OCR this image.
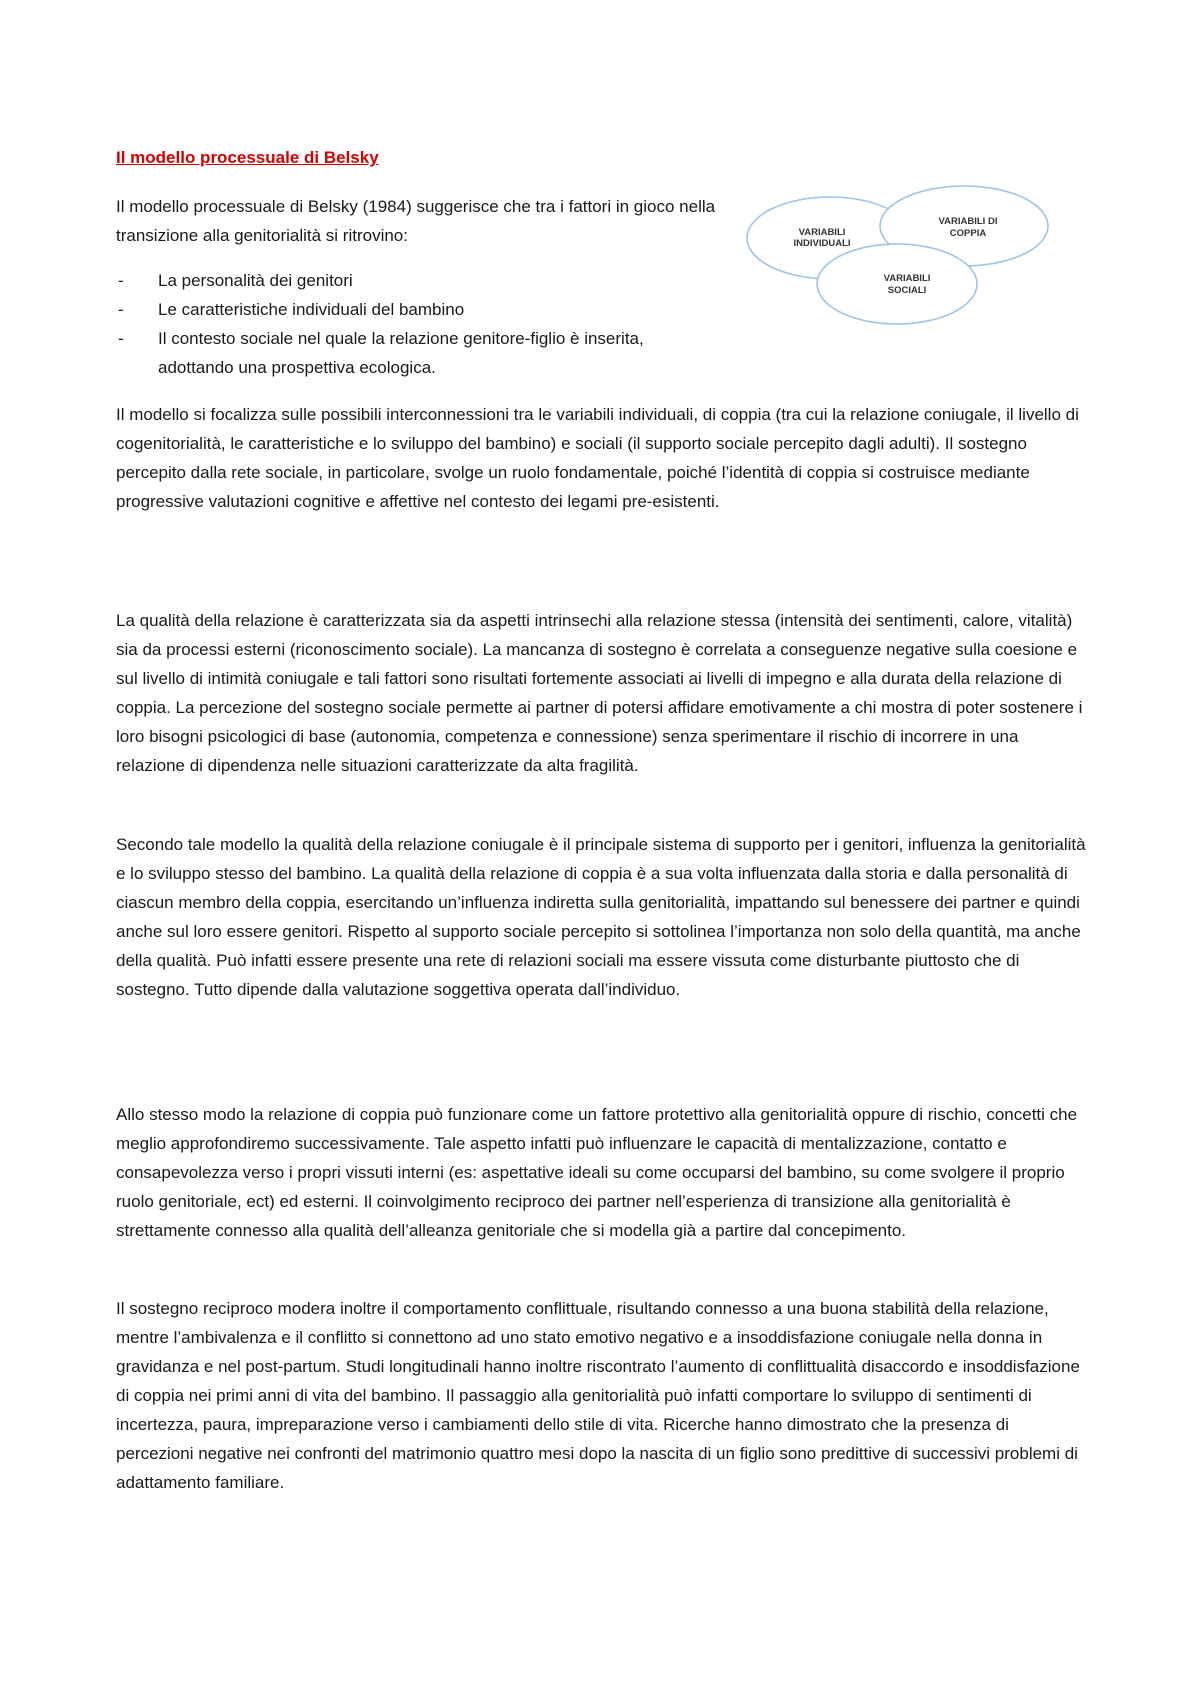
Il modello processuale di Belsky

Il modello processuale di Belsky (1984) suggerisce che tra i fattori in gioco nella transizione alla genitorialità si ritrovino:

- La personalità dei genitori
- Le caratteristiche individuali del bambino
- Il contesto sociale nel quale la relazione genitore-figlio è inserita, adottando una prospettiva ecologica.
VARIABILI
INDIVIDUALI
VARIABILI DI
COPPIA
VARIABILI
SOCIALI

Il modello si focalizza sulle possibili interconnessioni tra le variabili individuali, di coppia (tra cui la relazione coniugale, il livello di cogenitorialità, le caratteristiche e lo sviluppo del bambino) e sociali (il supporto sociale percepito dagli adulti). Il sostegno percepito dalla rete sociale, in particolare, svolge un ruolo fondamentale, poiché l’identità di coppia si costruisce mediante progressive valutazioni cognitive e affettive nel contesto dei legami pre-esistenti.

La qualità della relazione è caratterizzata sia da aspetti intrinsechi alla relazione stessa (intensità dei sentimenti, calore, vitalità) sia da processi esterni (riconoscimento sociale). La mancanza di sostegno è correlata a conseguenze negative sulla coesione e sul livello di intimità coniugale e tali fattori sono risultati fortemente associati ai livelli di impegno e alla durata della relazione di coppia. La percezione del sostegno sociale permette ai partner di potersi affidare emotivamente a chi mostra di poter sostenere i loro bisogni psicologici di base (autonomia, competenza e connessione) senza sperimentare il rischio di incorrere in una relazione di dipendenza nelle situazioni caratterizzate da alta fragilità.

Secondo tale modello la qualità della relazione coniugale è il principale sistema di supporto per i genitori, influenza la genitorialità e lo sviluppo stesso del bambino. La qualità della relazione di coppia è a sua volta influenzata dalla storia e dalla personalità di ciascun membro della coppia, esercitando un’influenza indiretta sulla genitorialità, impattando sul benessere dei partner e quindi anche sul loro essere genitori. Rispetto al supporto sociale percepito si sottolinea l’importanza non solo della quantità, ma anche della qualità. Può infatti essere presente una rete di relazioni sociali ma essere vissuta come disturbante piuttosto che di sostegno. Tutto dipende dalla valutazione soggettiva operata dall’individuo.

Allo stesso modo la relazione di coppia può funzionare come un fattore protettivo alla genitorialità oppure di rischio, concetti che meglio approfondiremo successivamente. Tale aspetto infatti può influenzare le capacità di mentalizzazione, contatto e consapevolezza verso i propri vissuti interni (es: aspettative ideali su come occuparsi del bambino, su come svolgere il proprio ruolo genitoriale, ect) ed esterni. Il coinvolgimento reciproco dei partner nell’esperienza di transizione alla genitorialità è strettamente connesso alla qualità dell’alleanza genitoriale che si modella già a partire dal concepimento.

Il sostegno reciproco modera inoltre il comportamento conflittuale, risultando connesso a una buona stabilità della relazione, mentre l’ambivalenza e il conflitto si connettono ad uno stato emotivo negativo e a insoddisfazione coniugale nella donna in gravidanza e nel post-partum. Studi longitudinali hanno inoltre riscontrato l’aumento di conflittualità disaccordo e insoddisfazione di coppia nei primi anni di vita del bambino. Il passaggio alla genitorialità può infatti comportare lo sviluppo di sentimenti di incertezza, paura, impreparazione verso i cambiamenti dello stile di vita. Ricerche hanno dimostrato che la presenza di percezioni negative nei confronti del matrimonio quattro mesi dopo la nascita di un figlio sono predittive di successivi problemi di adattamento familiare.
